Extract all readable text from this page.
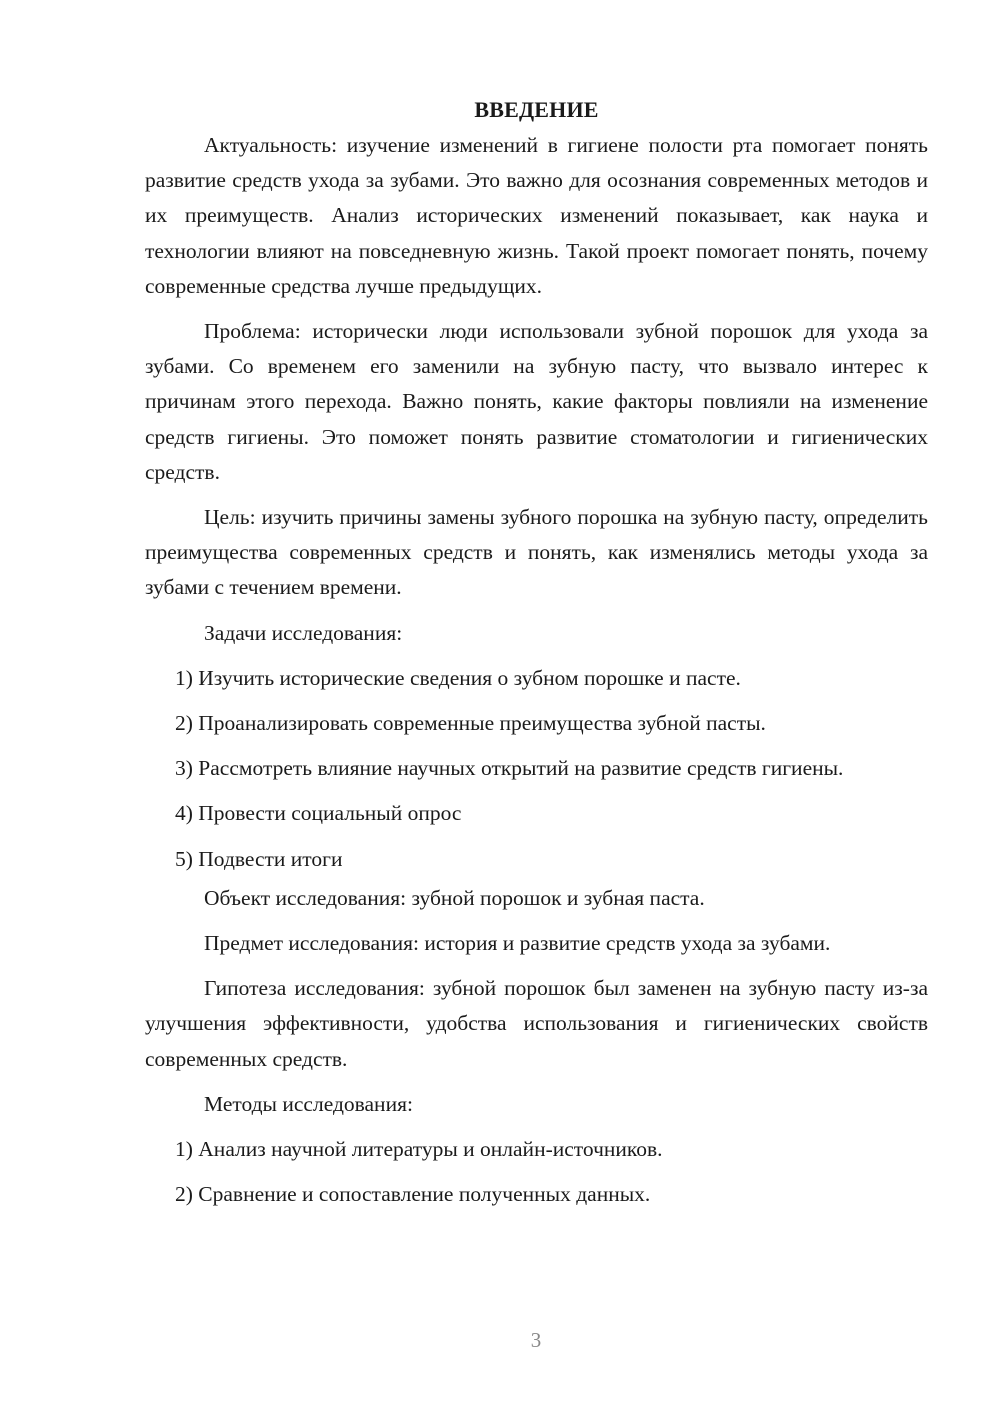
ВВЕДЕНИЕ

Актуальность: изучение изменений в гигиене полости рта помогает понять развитие средств ухода за зубами. Это важно для осознания современных методов и их преимуществ. Анализ исторических изменений показывает, как наука и технологии влияют на повседневную жизнь. Такой проект помогает понять, почему современные средства лучше предыдущих.

Проблема: исторически люди использовали зубной порошок для ухода за зубами. Со временем его заменили на зубную пасту, что вызвало интерес к причинам этого перехода. Важно понять, какие факторы повлияли на изменение средств гигиены. Это поможет понять развитие стоматологии и гигиенических средств.

Цель: изучить причины замены зубного порошка на зубную пасту, определить преимущества современных средств и понять, как изменялись методы ухода за зубами с течением времени.

Задачи исследования:

1) Изучить исторические сведения о зубном порошке и пасте.

2) Проанализировать современные преимущества зубной пасты.

3) Рассмотреть влияние научных открытий на развитие средств гигиены.

4) Провести социальный опрос

5) Подвести итоги

Объект исследования: зубной порошок и зубная паста.

Предмет исследования: история и развитие средств ухода за зубами.

Гипотеза исследования: зубной порошок был заменен на зубную пасту из-за улучшения эффективности, удобства использования и гигиенических свойств современных средств.

Методы исследования:

1) Анализ научной литературы и онлайн-источников.

2) Сравнение и сопоставление полученных данных.

3
